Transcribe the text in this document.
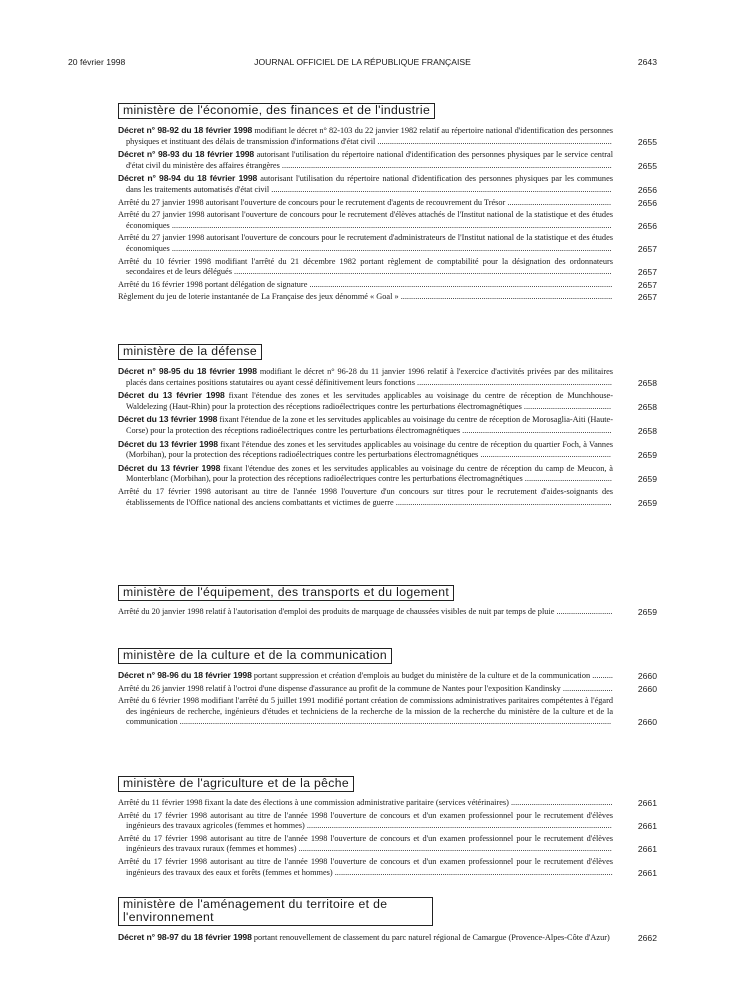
20 février 1998	JOURNAL OFFICIEL DE LA RÉPUBLIQUE FRANÇAISE	2643
ministère de l'économie, des finances et de l'industrie
Décret n° 98-92 du 18 février 1998 modifiant le décret n° 82-103 du 22 janvier 1982 relatif au répertoire national d'identification des personnes physiques et instituant des délais de transmission d'informations d'état civil .................................................................................................................	2655
Décret n° 98-93 du 18 février 1998 autorisant l'utilisation du répertoire national d'identification des personnes physiques par le service central d'état civil du ministère des affaires étrangères ...............................................................................................................................................................	2655
Décret n° 98-94 du 18 février 1998 autorisant l'utilisation du répertoire national d'identification des personnes physiques par les communes dans les traitements automatisés d'état civil ....................................................................................................................................................................	2656
Arrêté du 27 janvier 1998 autorisant l'ouverture de concours pour le recrutement d'agents de recouvrement du Trésor ..................................................	2656
Arrêté du 27 janvier 1998 autorisant l'ouverture de concours pour le recrutement d'élèves attachés de l'Institut national de la statistique et des études économiques ....................................................................................................................................................................................................................	2656
Arrêté du 27 janvier 1998 autorisant l'ouverture de concours pour le recrutement d'administrateurs de l'Institut national de la statistique et des études économiques ....................................................................................................................................................................................................................	2657
Arrêté du 10 février 1998 modifiant l'arrêté du 21 décembre 1982 portant règlement de comptabilité pour la désignation des ordonnateurs secondaires et de leurs délégués ......................................................................................................................................................................................	2657
Arrêté du 16 février 1998 portant délégation de signature ..................................................................................................................................................	2657
Règlement du jeu de loterie instantanée de La Française des jeux dénommé « Goal » ......................................................................................................	2657
ministère de la défense
Décret n° 98-95 du 18 février 1998 modifiant le décret n° 96-28 du 11 janvier 1996 relatif à l'exercice d'activités privées par des militaires placés dans certaines positions statutaires ou ayant cessé définitivement leurs fonctions ..............................................................................................	2658
Décret du 13 février 1998 fixant l'étendue des zones et les servitudes applicables au voisinage du centre de réception de Munchhouse-Waldelezing (Haut-Rhin) pour la protection des réceptions radioélectriques contre les perturbations électromagnétiques ..........................................	2658
Décret du 13 février 1998 fixant l'étendue de la zone et les servitudes applicables au voisinage du centre de réception de Morosaglia-Aiti (Haute-Corse) pour la protection des réceptions radioélectriques contre les perturbations électromagnétiques ........................................................................	2658
Décret du 13 février 1998 fixant l'étendue des zones et les servitudes applicables au voisinage du centre de réception du quartier Foch, à Vannes (Morbihan), pour la protection des réceptions radioélectriques contre les perturbations électromagnétiques ...............................................................	2659
Décret du 13 février 1998 fixant l'étendue des zones et les servitudes applicables au voisinage du centre de réception du camp de Meucon, à Monterblanc (Morbihan), pour la protection des réceptions radioélectriques contre les perturbations électromagnétiques ..........................................	2659
Arrêté du 17 février 1998 autorisant au titre de l'année 1998 l'ouverture d'un concours sur titres pour le recrutement d'aides-soignants des établissements de l'Office national des anciens combattants et victimes de guerre ........................................................................................................	2659
ministère de l'équipement, des transports et du logement
Arrêté du 20 janvier 1998 relatif à l'autorisation d'emploi des produits de marquage de chaussées visibles de nuit par temps de pluie ...........................	2659
ministère de la culture et de la communication
Décret n° 98-96 du 18 février 1998 portant suppression et création d'emplois au budget du ministère de la culture et de la communication ..........	2660
Arrêté du 26 janvier 1998 relatif à l'octroi d'une dispense d'assurance au profit de la commune de Nantes pour l'exposition Kandinsky ........................	2660
Arrêté du 6 février 1998 modifiant l'arrêté du 5 juillet 1991 modifié portant création de commissions administratives paritaires compétentes à l'égard des ingénieurs de recherche, ingénieurs d'études et techniciens de la recherche de la mission de la recherche du ministère de la culture et de la communication ................................................................................................................................................................................................................	2660
ministère de l'agriculture et de la pêche
Arrêté du 11 février 1998 fixant la date des élections à une commission administrative paritaire (services vétérinaires) .................................................	2661
Arrêté du 17 février 1998 autorisant au titre de l'année 1998 l'ouverture de concours et d'un examen professionnel pour le recrutement d'élèves ingénieurs des travaux agricoles (femmes et hommes) ...................................................................................................................................................	2661
Arrêté du 17 février 1998 autorisant au titre de l'année 1998 l'ouverture de concours et d'un examen professionnel pour le recrutement d'élèves ingénieurs des travaux ruraux (femmes et hommes) .......................................................................................................................................................	2661
Arrêté du 17 février 1998 autorisant au titre de l'année 1998 l'ouverture de concours et d'un examen professionnel pour le recrutement d'élèves ingénieurs des travaux des eaux et forêts (femmes et hommes) ......................................................................................................................................	2661
ministère de l'aménagement du territoire et de l'environnement
Décret n° 98-97 du 18 février 1998 portant renouvellement de classement du parc naturel régional de Camargue (Provence-Alpes-Côte d'Azur)	2662
